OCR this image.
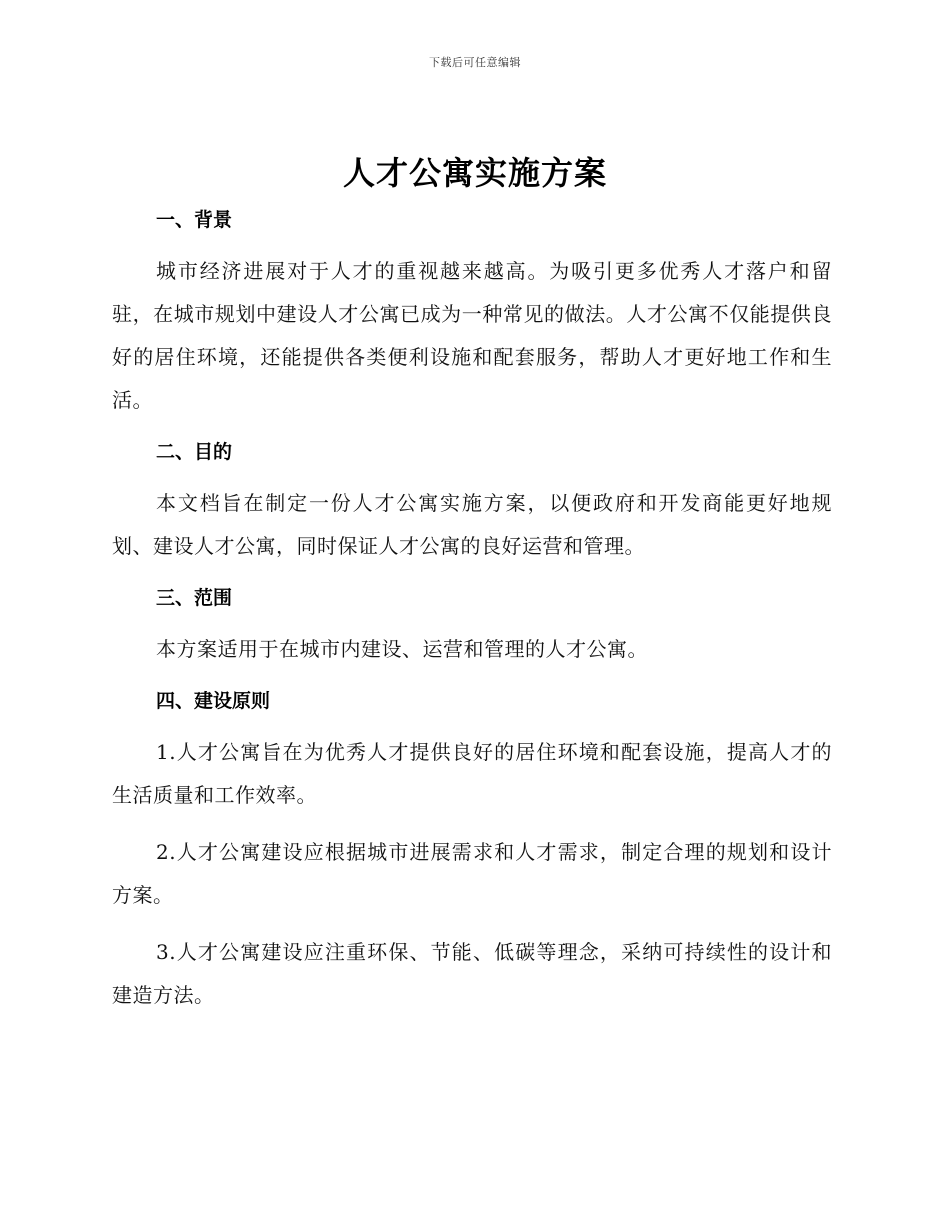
下载后可任意编辑
人才公寓实施方案
一、背景

城市经济进展对于人才的重视越来越高。为吸引更多优秀人才落户和留驻，在城市规划中建设人才公寓已成为一种常见的做法。人才公寓不仅能提供良好的居住环境，还能提供各类便利设施和配套服务，帮助人才更好地工作和生活。

二、目的

本文档旨在制定一份人才公寓实施方案，以便政府和开发商能更好地规划、建设人才公寓，同时保证人才公寓的良好运营和管理。

三、范围

本方案适用于在城市内建设、运营和管理的人才公寓。

四、建设原则

1.人才公寓旨在为优秀人才提供良好的居住环境和配套设施，提高人才的生活质量和工作效率。

2.人才公寓建设应根据城市进展需求和人才需求，制定合理的规划和设计方案。

3.人才公寓建设应注重环保、节能、低碳等理念，采纳可持续性的设计和建造方法。
